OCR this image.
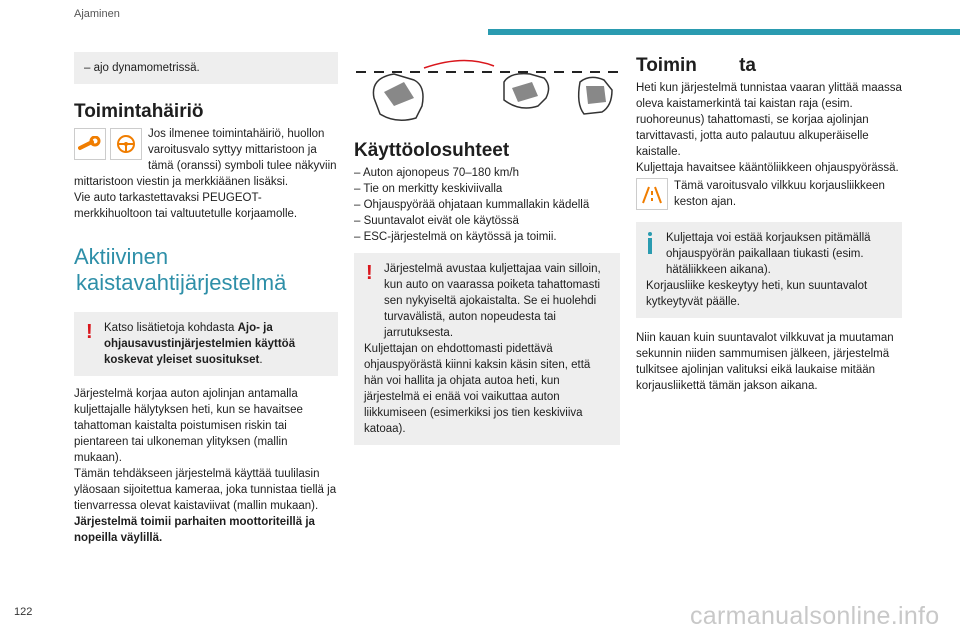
Ajaminen

– ajo dynamometrissä.

Toimintahäiriö

Jos ilmenee toimintahäiriö, huollon varoitusvalo syttyy mittaristoon ja tämä (oranssi) symboli tulee näkyviin mittaristoon viestin ja merkkiäänen lisäksi.

Vie auto tarkastettavaksi PEUGEOT-merkkihuoltoon tai valtuutetulle korjaamolle.

Aktiivinen
kaistavahtijärjestelmä
! Katso lisätietoja kohdasta Ajo- ja ohjausavustinjärjestelmien käyttöä koskevat yleiset suositukset.

Järjestelmä korjaa auton ajolinjan antamalla kuljettajalle hälytyksen heti, kun se havaitsee tahattoman kaistalta poistumisen riskin tai pientareen tai ulkoneman ylityksen (mallin mukaan).

Tämän tehdäkseen järjestelmä käyttää tuulilasin yläosaan sijoitettua kameraa, joka tunnistaa tiellä ja tienvarressa olevat kaistaviivat (mallin mukaan).

Järjestelmä toimii parhaiten moottoriteillä ja nopeilla väylillä.

Käyttöolosuhteet
– Auton ajonopeus 70–180 km/h
– Tie on merkitty keskiviivalla
– Ohjauspyörää ohjataan kummallakin kädellä
– Suuntavalot eivät ole käytössä
– ESC-järjestelmä on käytössä ja toimii.
! Järjestelmä avustaa kuljettajaa vain silloin, kun auto on vaarassa poiketa tahattomasti sen nykyiseltä ajokaistalta. Se ei huolehdi turvavälistä, auton nopeudesta tai jarrutuksesta.

Kuljettajan on ehdottomasti pidettävä ohjauspyörästä kiinni kaksin käsin siten, että hän voi hallita ja ohjata autoa heti, kun järjestelmä ei enää voi vaikuttaa auton liikkumiseen (esimerkiksi jos tien keskiviiva katoaa).

Toimin        ta

Heti kun järjestelmä tunnistaa vaaran ylittää maassa oleva kaistamerkintä tai kaistan raja (esim. ruohoreunus) tahattomasti, se korjaa ajolinjan tarvittavasti, jotta auto palautuu alkuperäiselle kaistalle.

Kuljettaja havaitsee kääntöliikkeen ohjauspyörässä.

Tämä varoitusvalo vilkkuu korjausliikkeen keston ajan.

Kuljettaja voi estää korjauksen pitämällä ohjauspyörän paikallaan tiukasti (esim. hätäliikkeen aikana).

Korjausliike keskeytyy heti, kun suuntavalot kytkeytyvät päälle.

Niin kauan kuin suuntavalot vilkkuvat ja muutaman sekunnin niiden sammumisen jälkeen, järjestelmä tulkitsee ajolinjan valituksi eikä laukaise mitään korjausliikettä tämän jakson aikana.

122	carmanualsonline.info
